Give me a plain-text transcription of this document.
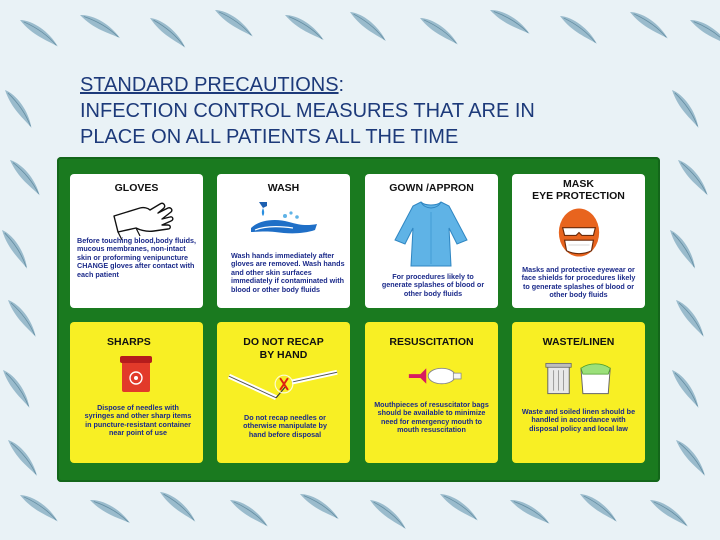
STANDARD PRECAUTIONS:
INFECTION CONTROL MEASURES THAT ARE IN
PLACE ON ALL PATIENTS ALL THE TIME
GLOVES
Before touching blood,body fluids, mucous membranes, non-intact skin or proforming venipuncture CHANGE gloves after contact with each patient
WASH
Wash hands immediately after gloves are removed. Wash hands and other skin surfaces immediately if contaminated with blood or other body fluids
GOWN /APPRON
For procedures likely to generate splashes of blood or other body fluids
MASK
EYE PROTECTION
Masks and protective eyewear or face shields for procedures likely to generate splashes of blood or other body fluids
SHARPS
Dispose of needles with syringes and other sharp items in puncture-resistant container near point of use
DO NOT RECAP
BY HAND
Do not recap needles or otherwise manipulate by hand before disposal
RESUSCITATION
Mouthpieces of resuscitator bags should be available to minimize need for emergency mouth to mouth resuscitation
WASTE/LINEN
Waste and soiled linen should be handled in accordance with disposal policy and local law
